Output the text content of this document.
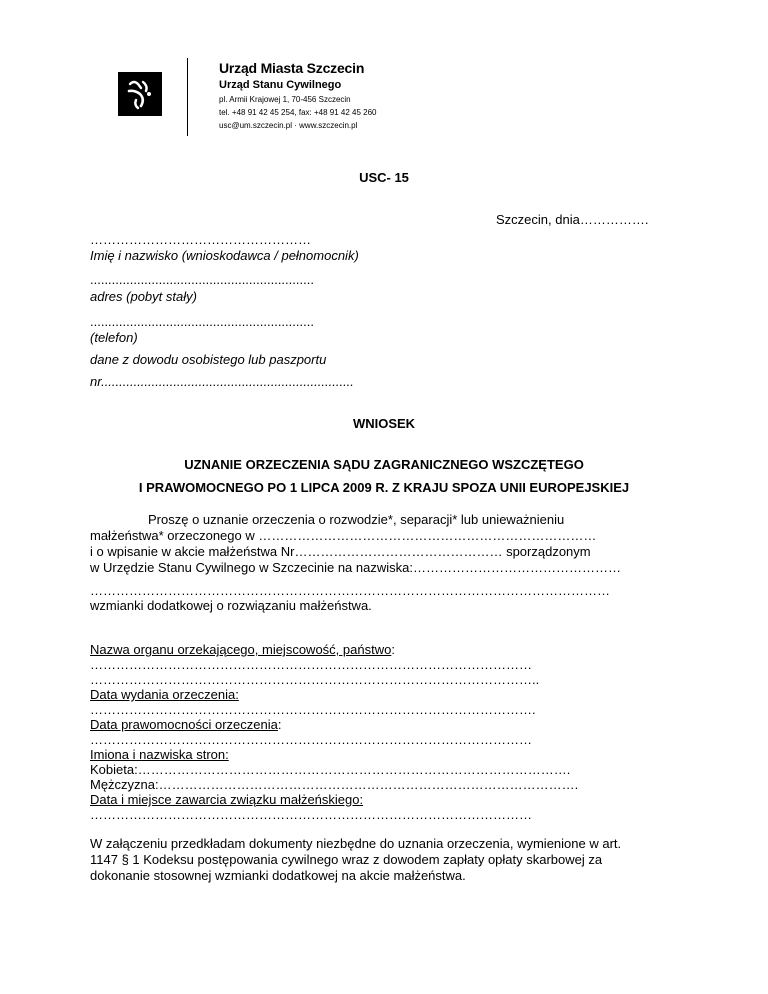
Urząd Miasta Szczecin
Urząd Stanu Cywilnego
pl. Armii Krajowej 1, 70-456 Szczecin
tel. +48 91 42 45 254, fax: +48 91 42 45 260
usc@um.szczecin.pl · www.szczecin.pl
USC- 15
Szczecin, dnia…………….
……………………………………………
Imię i nazwisko (wnioskodawca / pełnomocnik)
..............................................................
adres (pobyt stały)
..............................................................
(telefon)
dane z dowodu osobistego lub paszportu
nr......................................................................
WNIOSEK
UZNANIE ORZECZENIA SĄDU ZAGRANICZNEGO WSZCZĘTEGO
I PRAWOMOCNEGO PO 1 LIPCA 2009 R. Z KRAJU SPOZA UNII EUROPEJSKIEJ
Proszę o uznanie orzeczenia o rozwodzie*, separacji* lub unieważnieniu
małżeństwa* orzeczonego w ……………………………………………………………………
i o wpisanie w akcie małżeństwa Nr………………………………………… sporządzonym
w Urzędzie Stanu Cywilnego w Szczecinie na nazwiska:…………………………………………
…………………………………………………………………………………………………………
wzmianki dodatkowej o rozwiązaniu małżeństwa.
Nazwa organu orzekającego, miejscowość, państwo:
…………………………………………………………………………………………
…………………………………………………………………………………………..
Data wydania orzeczenia:
………………………………………………………………………………………….
Data prawomocności orzeczenia:
…………………………………………………………………………………………
Imiona i nazwiska stron:
Kobieta:……………………………………………………………………………………….
Mężczyzna:…………………………………………………………………………………….
Data i miejsce zawarcia związku małżeńskiego:
…………………………………………………………………………………………
W załączeniu przedkładam dokumenty niezbędne do uznania orzeczenia, wymienione w art.
1147 § 1 Kodeksu postępowania cywilnego wraz z dowodem zapłaty opłaty skarbowej za
dokonanie stosownej wzmianki dodatkowej na akcie małżeństwa.
